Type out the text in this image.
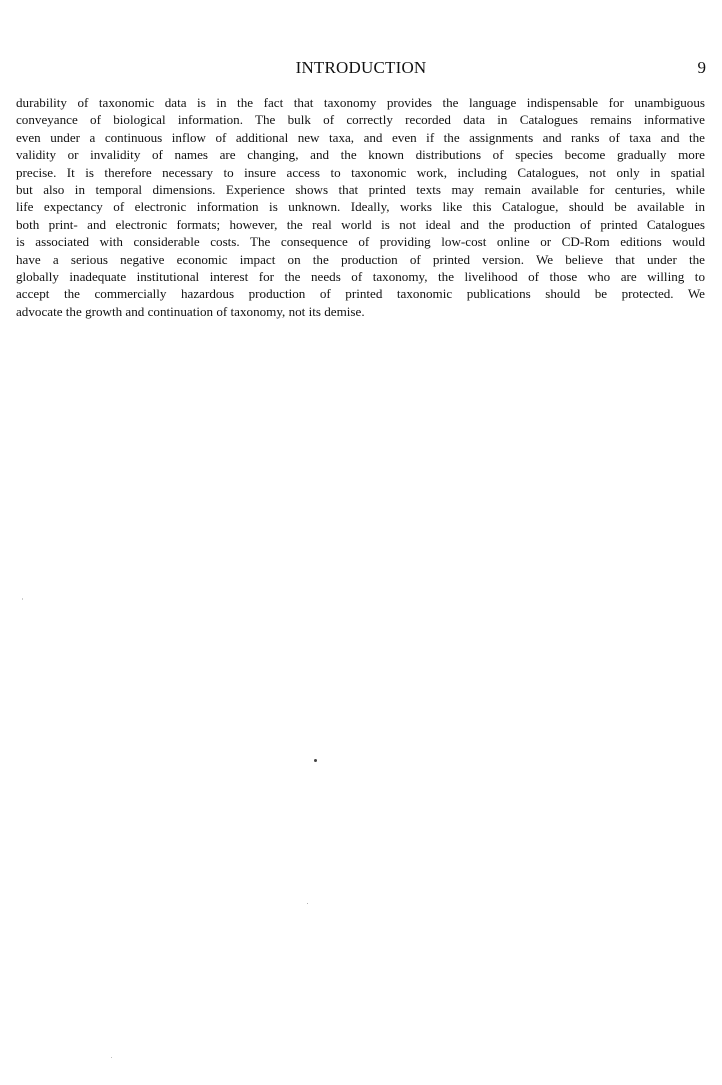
INTRODUCTION	9
durability of taxonomic data is in the fact that taxonomy provides the language indispensable for unambiguous
conveyance of biological information. The bulk of correctly recorded data in Catalogues remains informative
even under a continuous inflow of additional new taxa, and even if the assignments and ranks of taxa and the
validity or invalidity of names are changing, and the known distributions of species become gradually more
precise. It is therefore necessary to insure access to taxonomic work, including Catalogues, not only in spatial
but also in temporal dimensions. Experience shows that printed texts may remain available for centuries, while
life expectancy of electronic information is unknown. Ideally, works like this Catalogue, should be available in
both print- and electronic formats; however, the real world is not ideal and the production of printed Catalogues
is associated with considerable costs. The consequence of providing low-cost online or CD-Rom editions would
have a serious negative economic impact on the production of printed version. We believe that under the
globally inadequate institutional interest for the needs of taxonomy, the livelihood of those who are willing to
accept the commercially hazardous production of printed taxonomic publications should be protected. We
advocate the growth and continuation of taxonomy, not its demise.
